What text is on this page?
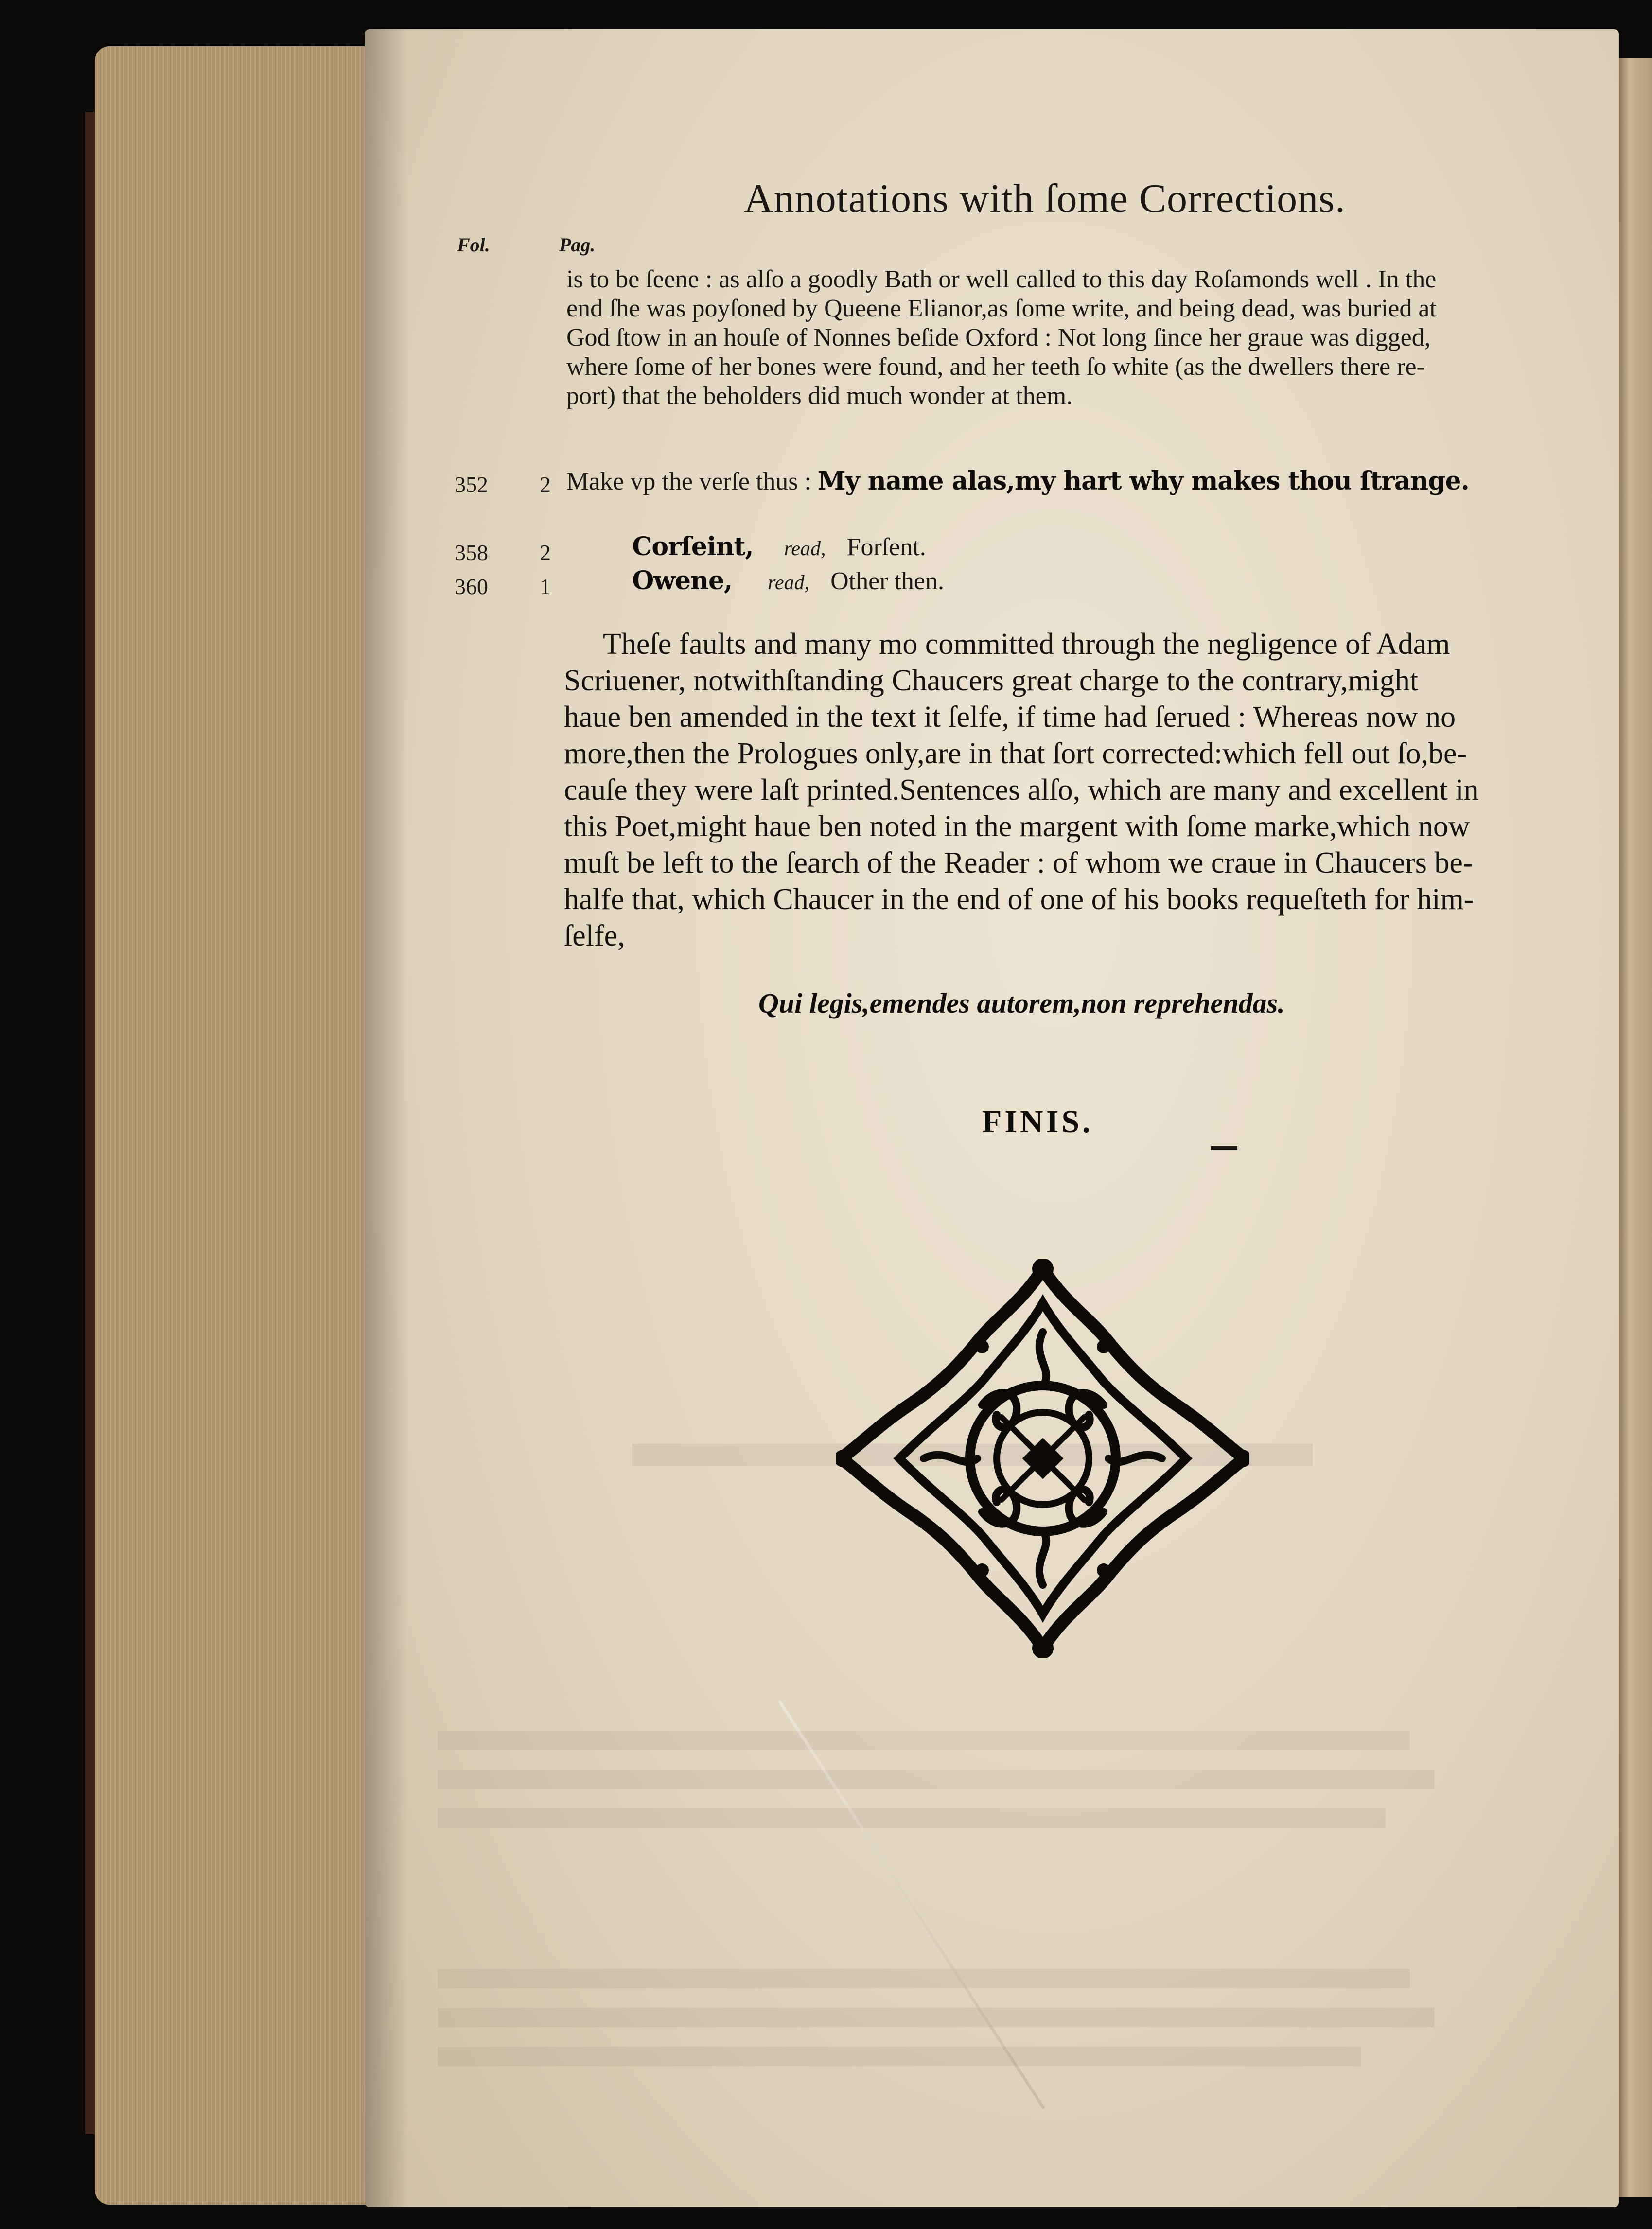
Annotations with ſome Corrections.
Fol.	Pag.
is to be ſeene : as alſo a goodly Bath or well called to this day Roſamonds well . In the
end ſhe was poyſoned by Queene Elianor,as ſome write, and being dead, was buried at
God ſtow in an houſe of Nonnes beſide Oxford : Not long ſince her graue was digged,
where ſome of her bones were found, and her teeth ſo white (as the dwellers there re-
port) that the beholders did much wonder at them.
352 2 Make vp the verſe thus : My name alas,my hart why makes thou ſtrange.
358 2	Corſeint, read, Forſent.
360 1	Owene, read, Other then.
Theſe faults and many mo committed through the negligence of Adam
Scriuener, notwithſtanding Chaucers great charge to the contrary,might
haue ben amended in the text it ſelfe, if time had ſerued : Whereas now no
more,then the Prologues only,are in that ſort corrected:which fell out ſo,be-
cauſe they were laſt printed.Sentences alſo, which are many and excellent in
this Poet,might haue ben noted in the margent with ſome marke,which now
muſt be left to the ſearch of the Reader : of whom we craue in Chaucers be-
halfe that, which Chaucer in the end of one of his books requeſteth for him-
ſelfe,
Qui legis,emendes autorem,non reprehendas.
FINIS.
